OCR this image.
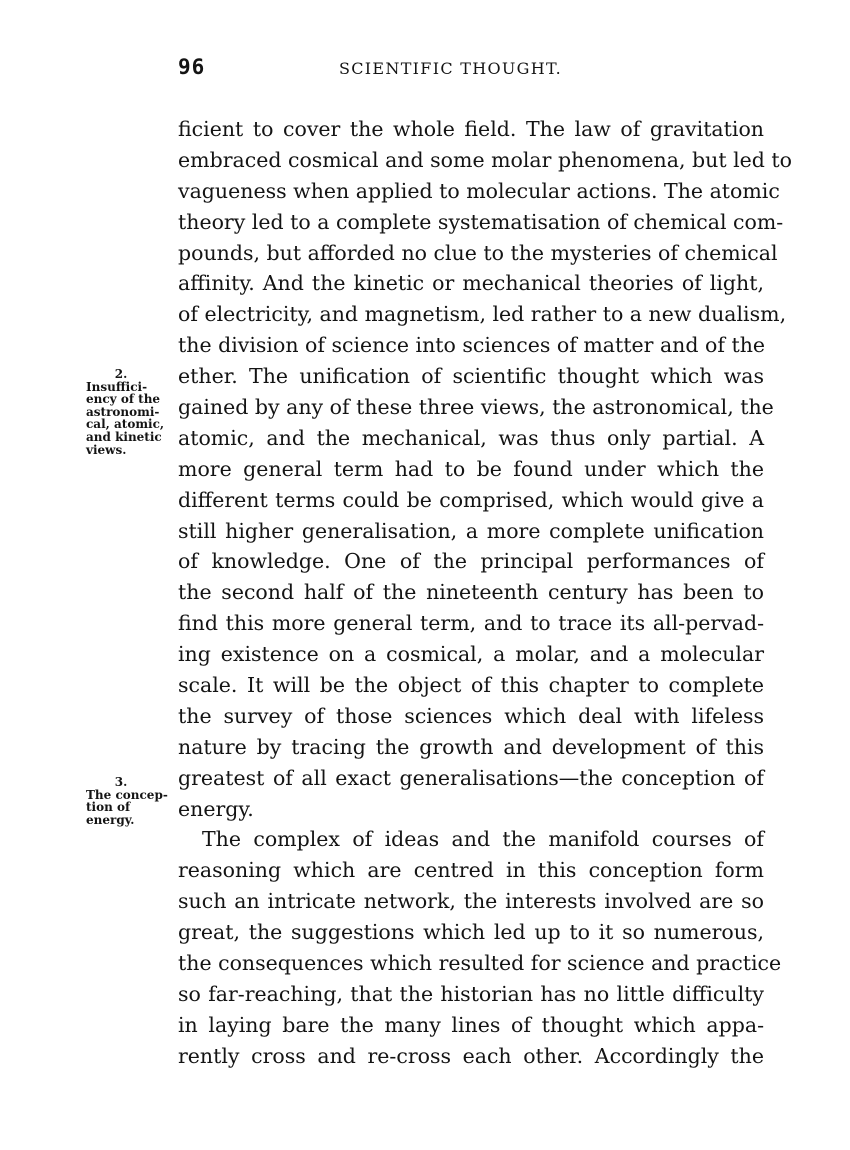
96	SCIENTIFIC THOUGHT.
2.
Insuffici-
ency of the
astronomi-
cal, atomic,
and kinetic
views.
3.
The concep-
tion of
energy.
ficient to cover the whole field. The law of gravitation
embraced cosmical and some molar phenomena, but led to
vagueness when applied to molecular actions. The atomic
theory led to a complete systematisation of chemical com-
pounds, but afforded no clue to the mysteries of chemical
affinity. And the kinetic or mechanical theories of light,
of electricity, and magnetism, led rather to a new dualism,
the division of science into sciences of matter and of the
ether. The unification of scientific thought which was
gained by any of these three views, the astronomical, the
atomic, and the mechanical, was thus only partial. A
more general term had to be found under which the
different terms could be comprised, which would give a
still higher generalisation, a more complete unification
of knowledge. One of the principal performances of
the second half of the nineteenth century has been to
find this more general term, and to trace its all-pervad-
ing existence on a cosmical, a molar, and a molecular
scale. It will be the object of this chapter to complete
the survey of those sciences which deal with lifeless
nature by tracing the growth and development of this
greatest of all exact generalisations—the conception of
energy.
The complex of ideas and the manifold courses of
reasoning which are centred in this conception form
such an intricate network, the interests involved are so
great, the suggestions which led up to it so numerous,
the consequences which resulted for science and practice
so far-reaching, that the historian has no little difficulty
in laying bare the many lines of thought which appa-
rently cross and re-cross each other. Accordingly the
